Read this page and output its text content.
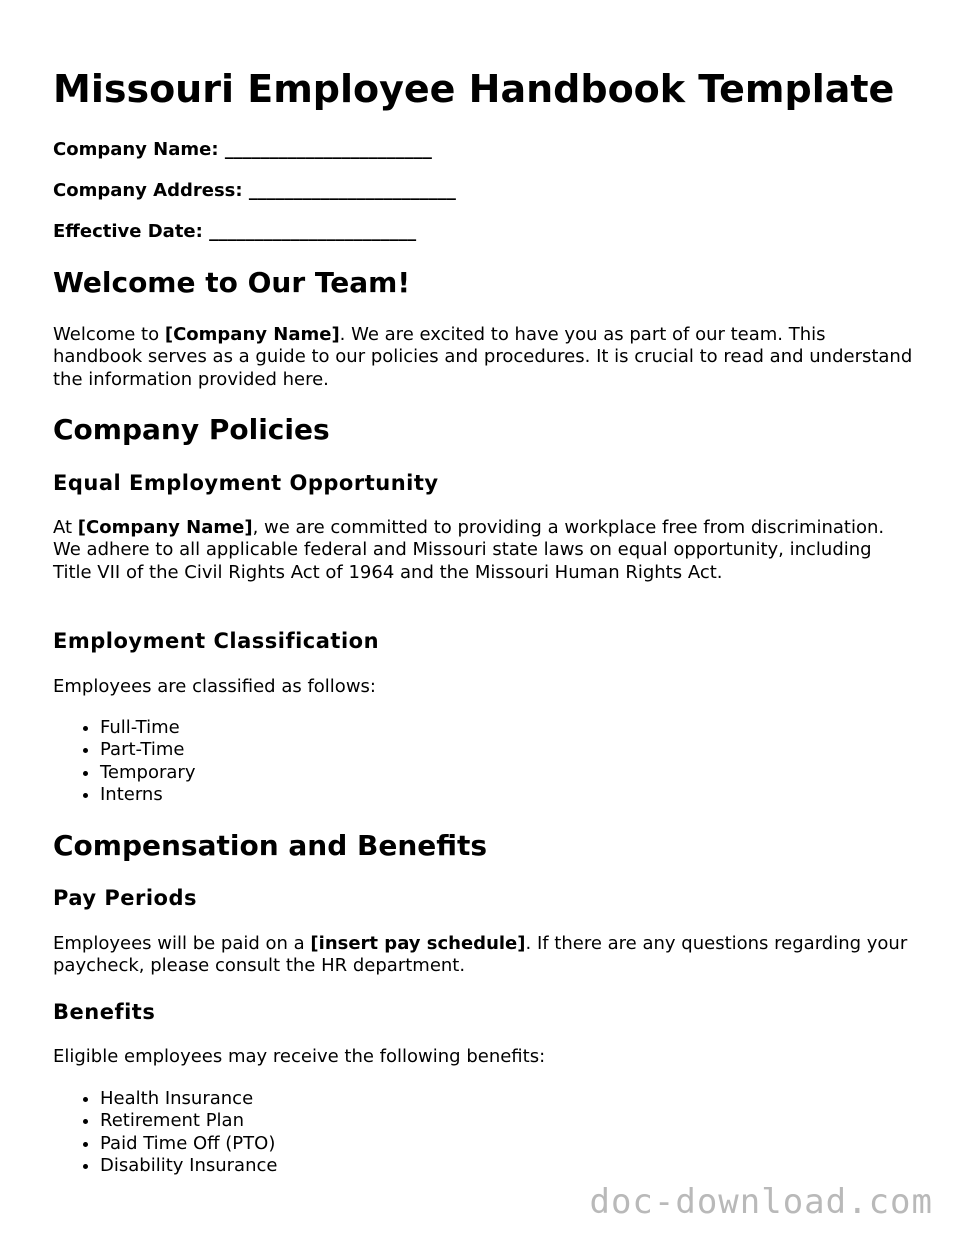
Missouri Employee Handbook Template
Company Name: _______________________
Company Address: _______________________
Effective Date: _______________________
Welcome to Our Team!

Welcome to [Company Name]. We are excited to have you as part of our team. This handbook serves as a guide to our policies and procedures. It is crucial to read and understand the information provided here.

Company Policies
Equal Employment Opportunity

At [Company Name], we are committed to providing a workplace free from discrimination. We adhere to all applicable federal and Missouri state laws on equal opportunity, including Title VII of the Civil Rights Act of 1964 and the Missouri Human Rights Act.

Employment Classification

Employees are classified as follows:

• Full-Time
• Part-Time
• Temporary
• Interns
Compensation and Benefits
Pay Periods

Employees will be paid on a [insert pay schedule]. If there are any questions regarding your paycheck, please consult the HR department.

Benefits

Eligible employees may receive the following benefits:

• Health Insurance
• Retirement Plan
• Paid Time Off (PTO)
• Disability Insurance
doc-download.com
